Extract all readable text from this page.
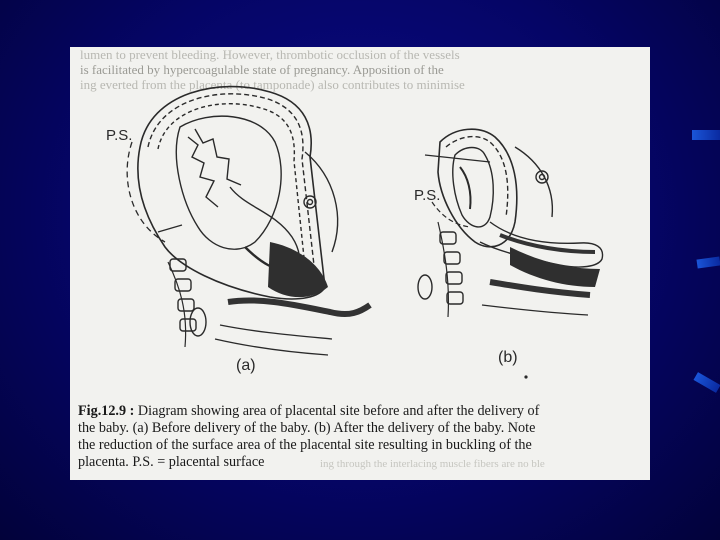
lumen to prevent bleeding. However, thrombotic occlusion of the vessels
is facilitated by hypercoagulable state of pregnancy. Apposition of the
ing everted from the placenta (to tamponade) also contributes to minimise
P.S.
P.S.
(a)	(b)
Fig.12.9 : Diagram showing area of placental site before and after the delivery of
the baby. (a) Before delivery of the baby. (b) After the delivery of the baby. Note
the reduction of the surface area of the placental site resulting in buckling of the
placenta. P.S. = placental surface	ing through the interlacing muscle fibers are no ble
